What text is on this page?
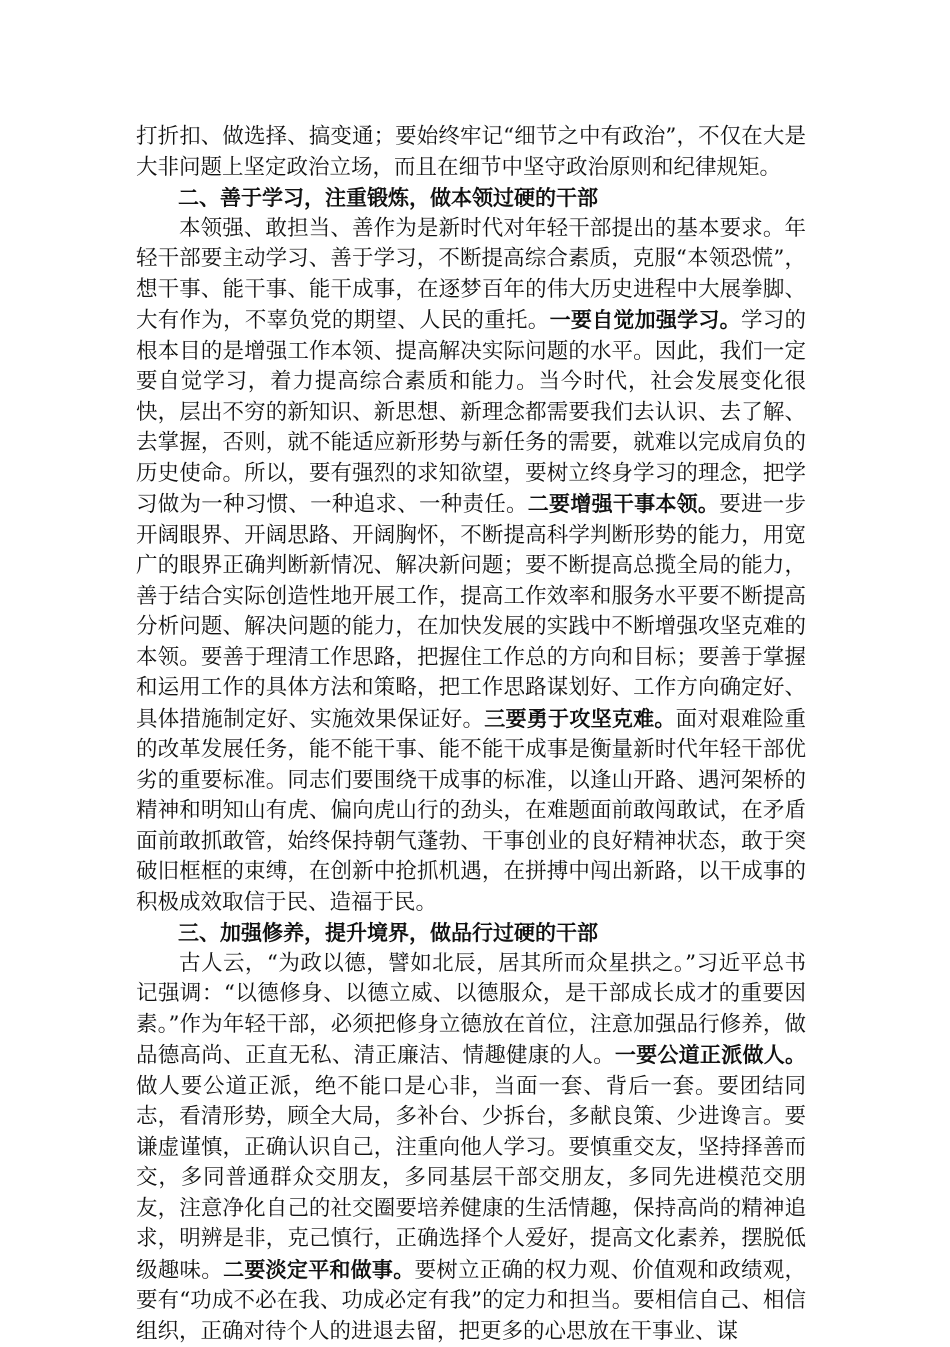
打折扣、做选择、搞变通；要始终牢记“细节之中有政治”，不仅在大是大非问题上坚定政治立场，而且在细节中坚守政治原则和纪律规矩。

二、善于学习，注重锻炼，做本领过硬的干部

本领强、敢担当、善作为是新时代对年轻干部提出的基本要求。年轻干部要主动学习、善于学习，不断提高综合素质，克服“本领恐慌”，想干事、能干事、能干成事，在逐梦百年的伟大历史进程中大展拳脚、大有作为，不辜负党的期望、人民的重托。一要自觉加强学习。学习的根本目的是增强工作本领、提高解决实际问题的水平。因此，我们一定要自觉学习，着力提高综合素质和能力。当今时代，社会发展变化很快，层出不穷的新知识、新思想、新理念都需要我们去认识、去了解、去掌握，否则，就不能适应新形势与新任务的需要，就难以完成肩负的历史使命。所以，要有强烈的求知欲望，要树立终身学习的理念，把学习做为一种习惯、一种追求、一种责任。二要增强干事本领。要进一步开阔眼界、开阔思路、开阔胸怀，不断提高科学判断形势的能力，用宽广的眼界正确判断新情况、解决新问题；要不断提高总揽全局的能力，善于结合实际创造性地开展工作，提高工作效率和服务水平要不断提高分析问题、解决问题的能力，在加快发展的实践中不断增强攻坚克难的本领。要善于理清工作思路，把握住工作总的方向和目标；要善于掌握和运用工作的具体方法和策略，把工作思路谋划好、工作方向确定好、具体措施制定好、实施效果保证好。三要勇于攻坚克难。面对艰难险重的改革发展任务，能不能干事、能不能干成事是衡量新时代年轻干部优劣的重要标准。同志们要围绕干成事的标准，以逢山开路、遇河架桥的精神和明知山有虎、偏向虎山行的劲头，在难题面前敢闯敢试，在矛盾面前敢抓敢管，始终保持朝气蓬勃、干事创业的良好精神状态，敢于突破旧框框的束缚，在创新中抢抓机遇，在拼搏中闯出新路，以干成事的积极成效取信于民、造福于民。

三、加强修养，提升境界，做品行过硬的干部

古人云，“为政以德，譬如北辰，居其所而众星拱之。”习近平总书记强调：“以德修身、以德立威、以德服众，是干部成长成才的重要因素。”作为年轻干部，必须把修身立德放在首位，注意加强品行修养，做品德高尚、正直无私、清正廉洁、情趣健康的人。一要公道正派做人。做人要公道正派，绝不能口是心非，当面一套、背后一套。要团结同志，看清形势，顾全大局，多补台、少拆台，多献良策、少进谗言。要谦虚谨慎，正确认识自己，注重向他人学习。要慎重交友，坚持择善而交，多同普通群众交朋友，多同基层干部交朋友，多同先进模范交朋友，注意净化自己的社交圈要培养健康的生活情趣，保持高尚的精神追求，明辨是非，克己慎行，正确选择个人爱好，提高文化素养，摆脱低级趣味。二要淡定平和做事。要树立正确的权力观、价值观和政绩观，要有“功成不必在我、功成必定有我”的定力和担当。要相信自己、相信组织，正确对待个人的进退去留，把更多的心思放在干事业、谋
